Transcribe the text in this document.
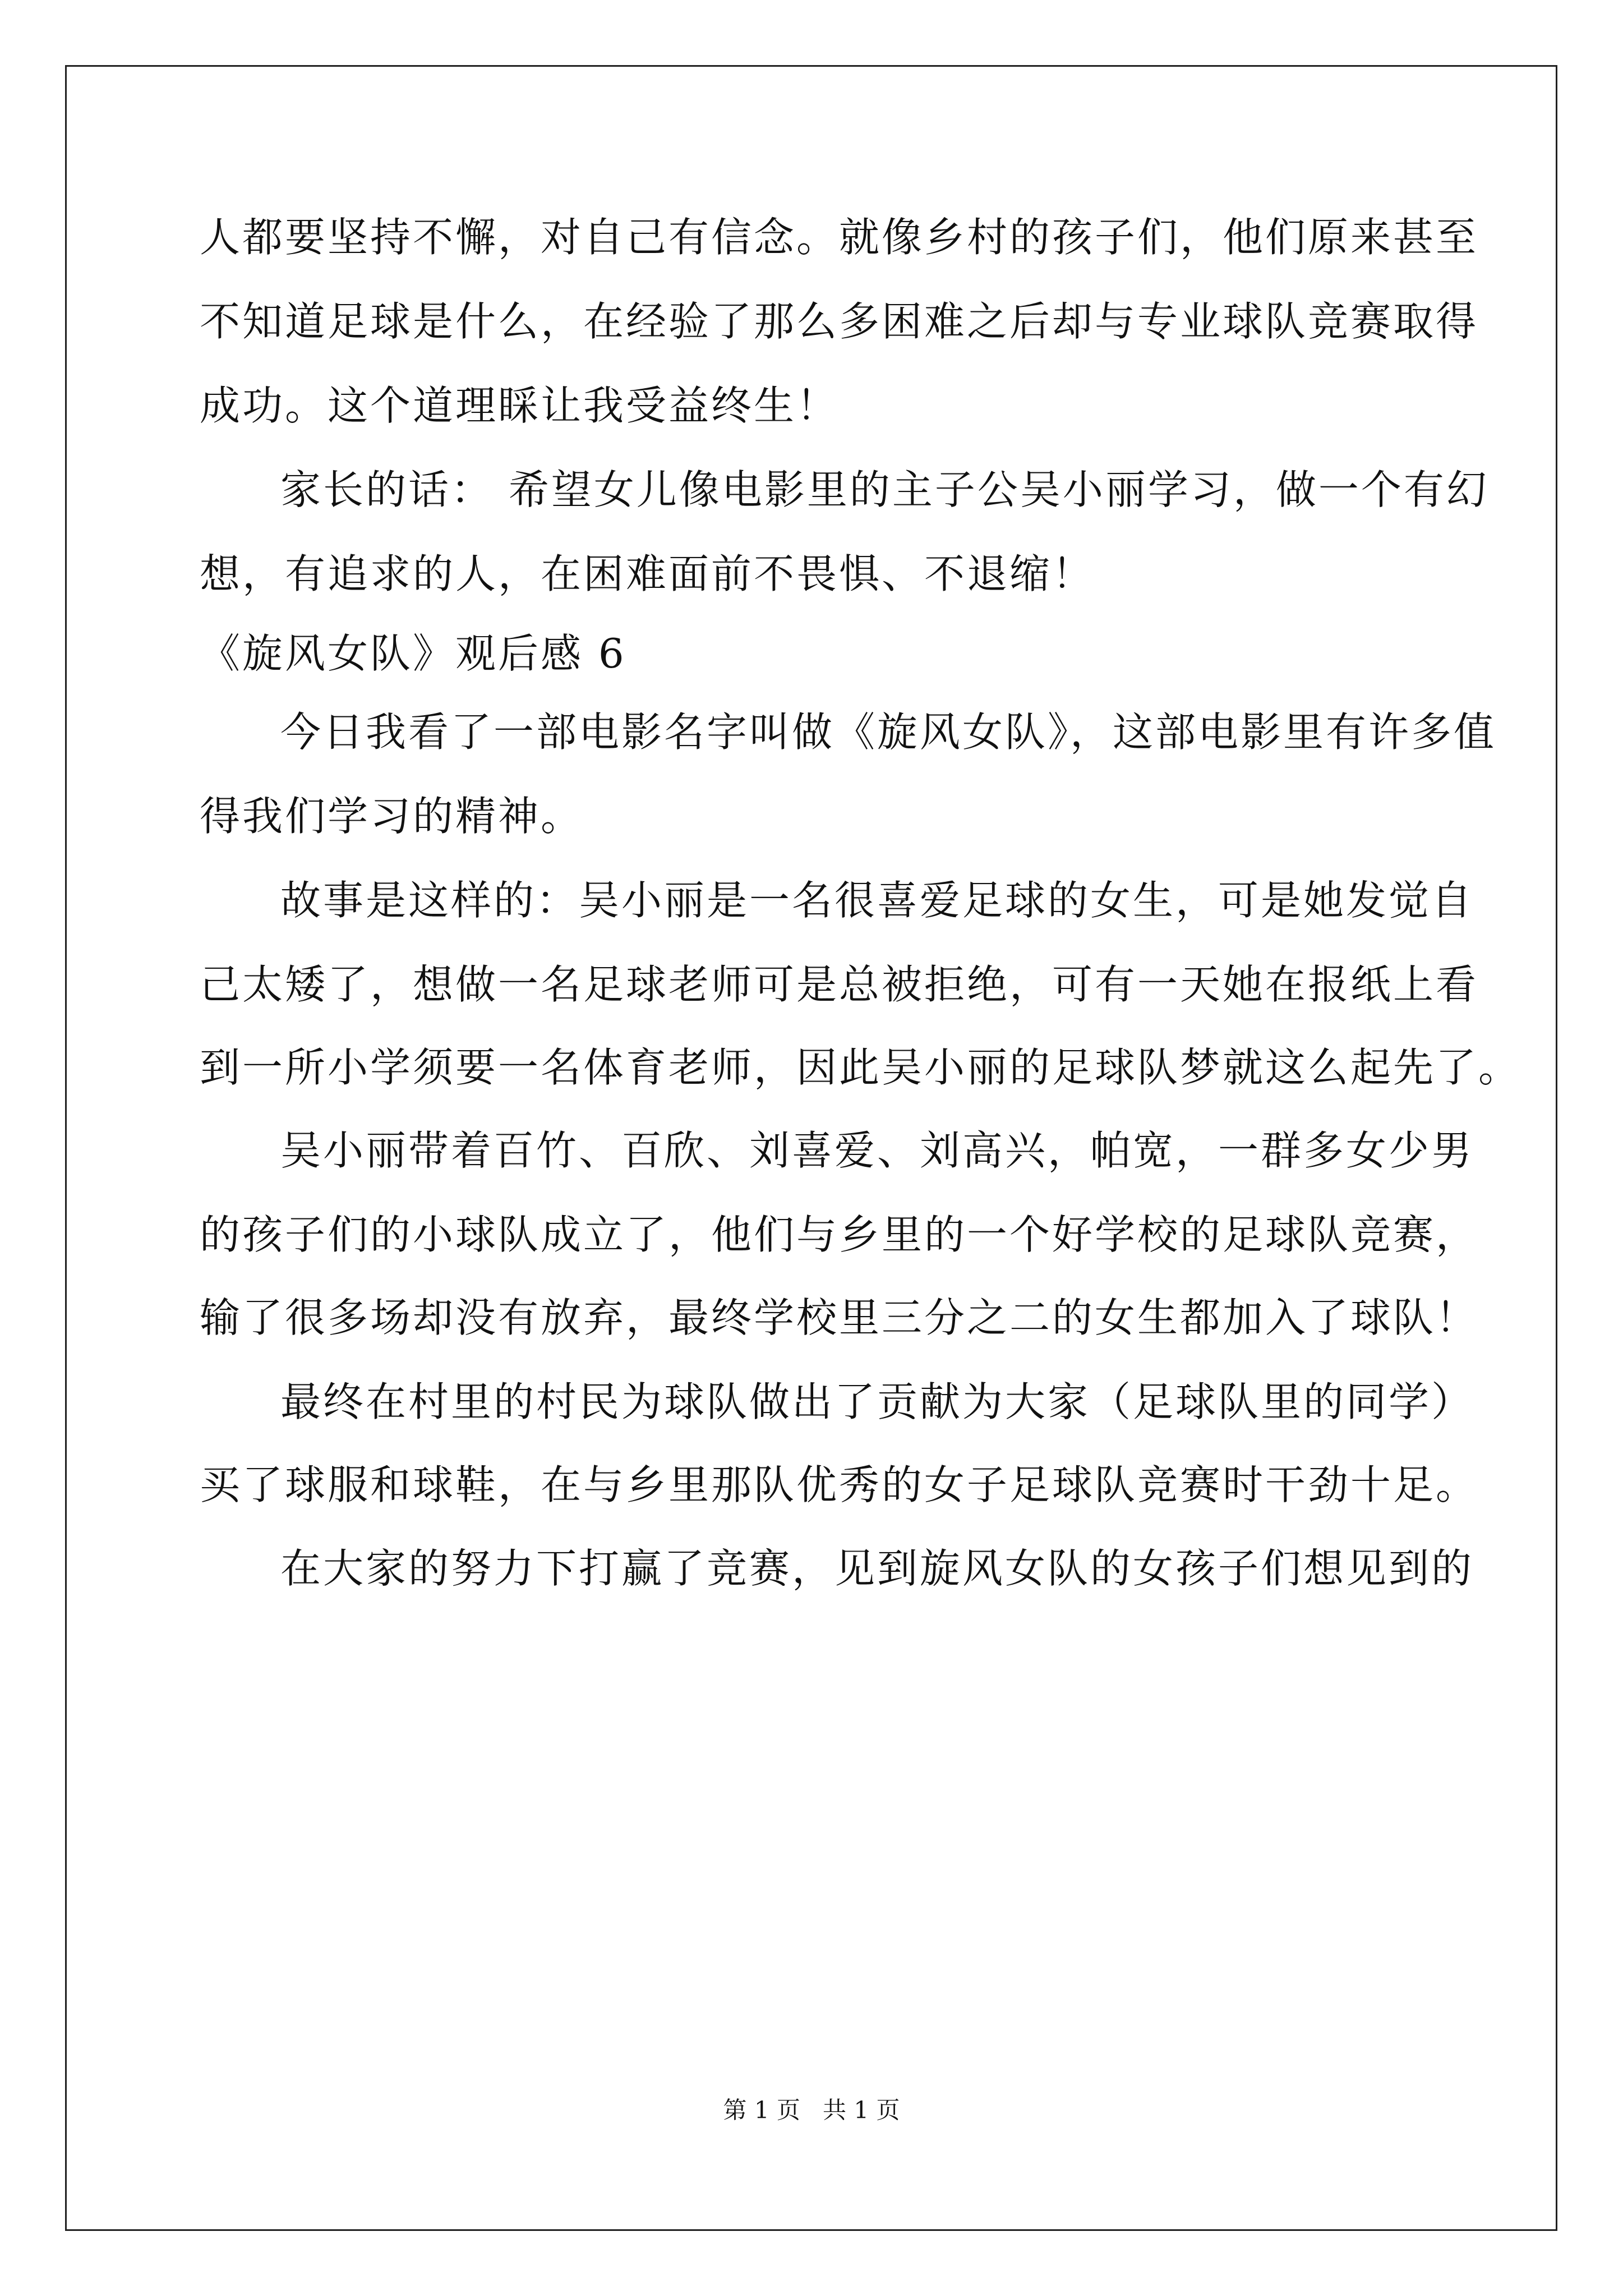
人都要坚持不懈，对自己有信念。就像乡村的孩子们，他们原来甚至
不知道足球是什么，在经验了那么多困难之后却与专业球队竞赛取得
成功。这个道理睬让我受益终生！
家长的话： 希望女儿像电影里的主子公吴小丽学习，做一个有幻
想，有追求的人，在困难面前不畏惧、不退缩！
《旋风女队》观后感 6
今日我看了一部电影名字叫做《旋风女队》，这部电影里有许多值
得我们学习的精神。
故事是这样的：吴小丽是一名很喜爱足球的女生，可是她发觉自
己太矮了，想做一名足球老师可是总被拒绝，可有一天她在报纸上看
到一所小学须要一名体育老师，因此吴小丽的足球队梦就这么起先了。
吴小丽带着百竹、百欣、刘喜爱、刘高兴，帕宽，一群多女少男
的孩子们的小球队成立了，他们与乡里的一个好学校的足球队竞赛，
输了很多场却没有放弃，最终学校里三分之二的女生都加入了球队！
最终在村里的村民为球队做出了贡献为大家（足球队里的同学）
买了球服和球鞋，在与乡里那队优秀的女子足球队竞赛时干劲十足。
在大家的努力下打赢了竞赛，见到旋风女队的女孩子们想见到的
第 1 页   共 1 页
